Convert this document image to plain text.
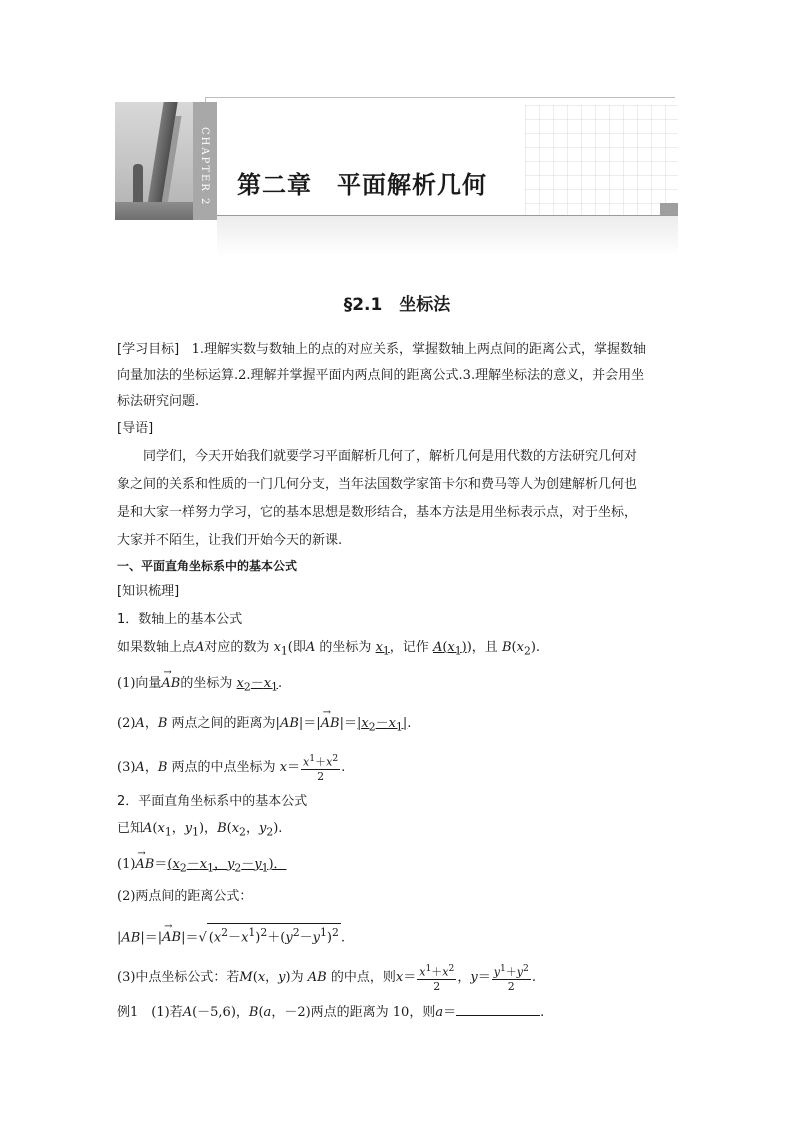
CHAPTER 2 第二章　平面解析几何
§2.1　坐标法
[学习目标] 1.理解实数与数轴上的点的对应关系，掌握数轴上两点间的距离公式，掌握数轴
向量加法的坐标运算.2.理解并掌握平面内两点间的距离公式.3.理解坐标法的意义，并会用坐
标法研究问题.
[导语]
同学们，今天开始我们就要学习平面解析几何了，解析几何是用代数的方法研究几何对
象之间的关系和性质的一门几何分支，当年法国数学家笛卡尔和费马等人为创建解析几何也
是和大家一样努力学习，它的基本思想是数形结合，基本方法是用坐标表示点，对于坐标，
大家并不陌生，让我们开始今天的新课.
一、平面直角坐标系中的基本公式
[知识梳理]
1．数轴上的基本公式
如果数轴上点A对应的数为 $x_1$(即A 的坐标为 $x_1$，记作 $A(x_1)$)，且 $B(x_2)$.
(1)向量→ AB的坐标为 $x_2-x_1$.
(2)A，B 两点之间的距离为$|AB|=|\to AB|=|x_2-x_1|$.
(3)A，B 两点的中点坐标为 $x= \frac{x^1+x^2}{2}$ .
2．平面直角坐标系中的基本公式
已知$A(x_1$，$y_1$)，$B(x_2$，$y_2$).
$(1)\to AB=(x_2-x_1$，$y_2-y_1$)．
(2)两点间的距离公式：
|AB|＝|→ AB|＝√ $(x^2-x^1)^2+(y^2-y^1)^2$ .
(3)中点坐标公式：若M(x，y)为 AB 的中点，则$x= \frac{x^1+x^2}{2}$ ，$y= \frac{y^1+y^2}{2}$ .
例1　(1)若A(－5,6)，B(a，－2)两点的距离为 10，则a＝	.
